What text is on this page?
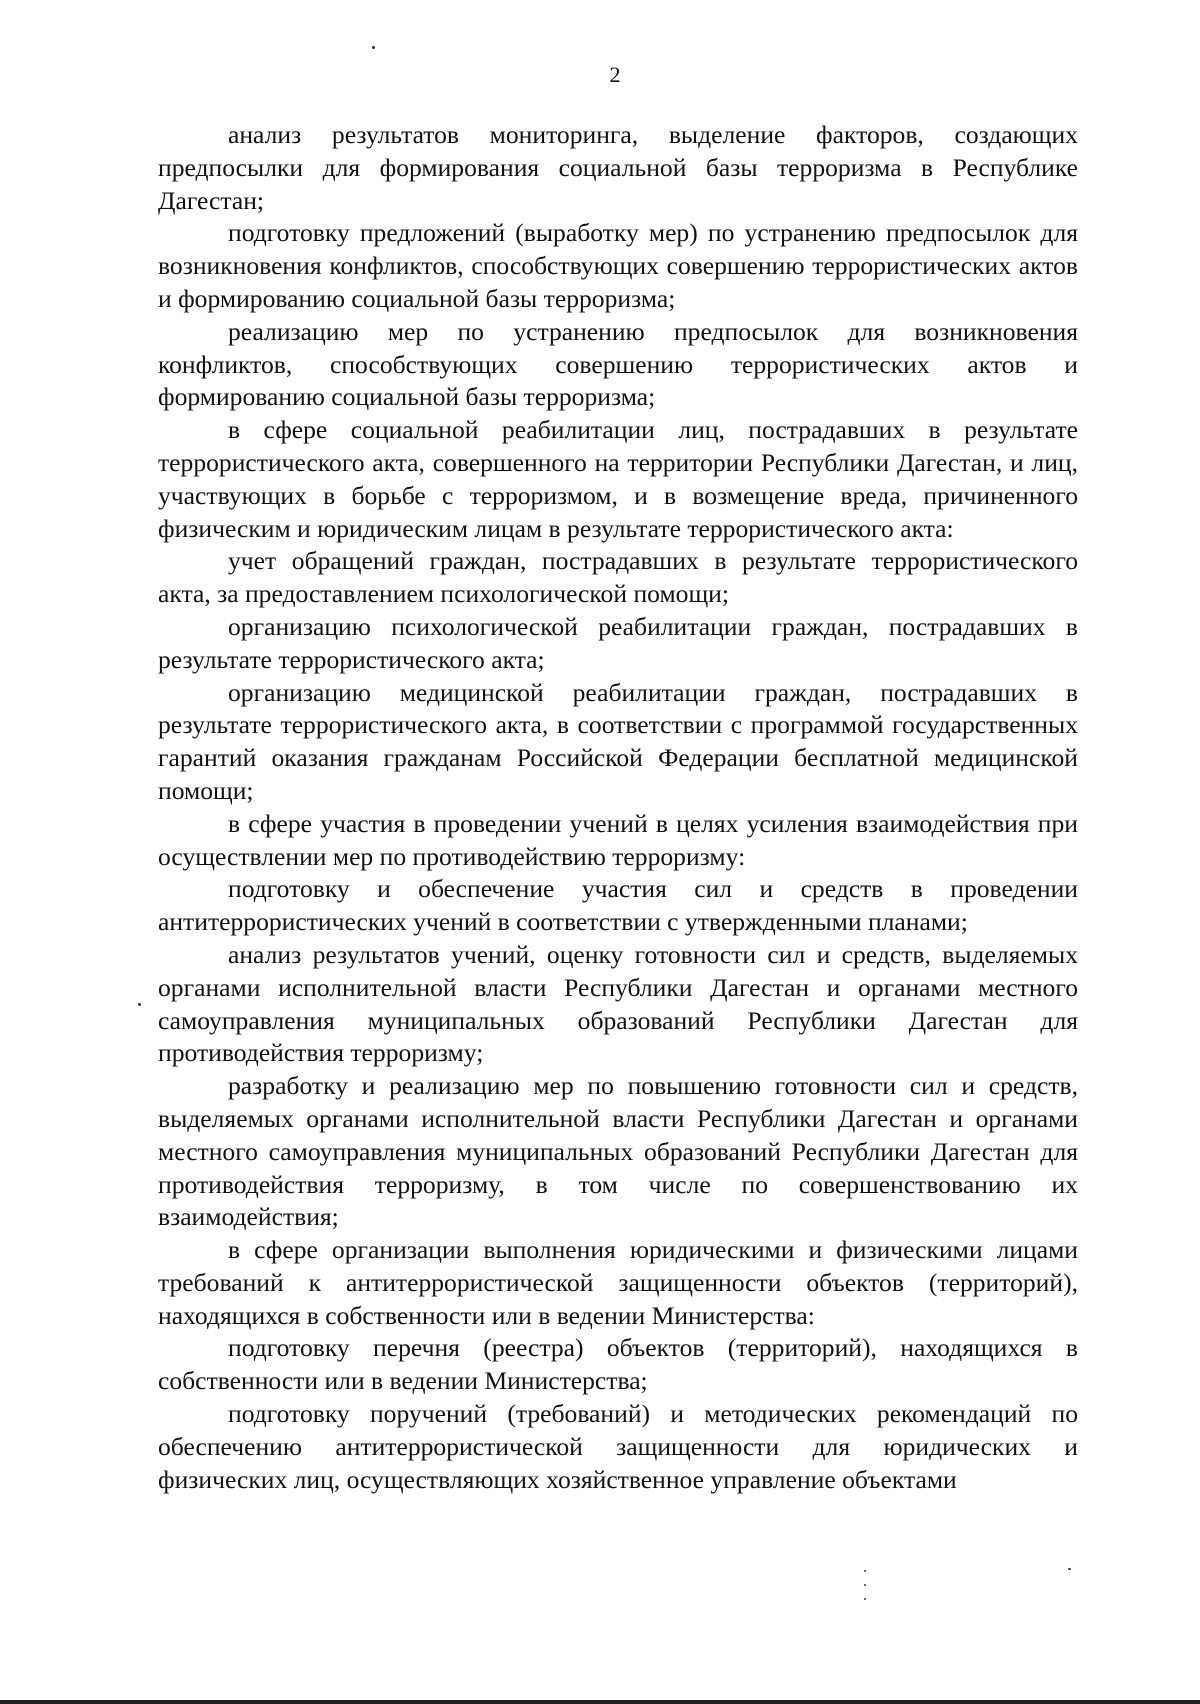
2

анализ результатов мониторинга, выделение факторов, создающих предпосылки для формирования социальной базы терроризма в Республике Дагестан;

подготовку предложений (выработку мер) по устранению предпосылок для возникновения конфликтов, способствующих совершению террористических актов и формированию социальной базы терроризма;

реализацию мер по устранению предпосылок для возникновения конфликтов, способствующих совершению террористических актов и формированию социальной базы терроризма;

в сфере социальной реабилитации лиц, пострадавших в результате террористического акта, совершенного на территории Республики Дагестан, и лиц, участвующих в борьбе с терроризмом, и в возмещение вреда, причиненного физическим и юридическим лицам в результате террористического акта:

учет обращений граждан, пострадавших в результате террористического акта, за предоставлением психологической помощи;

организацию психологической реабилитации граждан, пострадавших в результате террористического акта;

организацию медицинской реабилитации граждан, пострадавших в результате террористического акта, в соответствии с программой государственных гарантий оказания гражданам Российской Федерации бесплатной медицинской помощи;

в сфере участия в проведении учений в целях усиления взаимодействия при осуществлении мер по противодействию терроризму:

подготовку и обеспечение участия сил и средств в проведении антитеррористических учений в соответствии с утвержденными планами;

анализ результатов учений, оценку готовности сил и средств, выделяемых органами исполнительной власти Республики Дагестан и органами местного самоуправления муниципальных образований Республики Дагестан для противодействия терроризму;

разработку и реализацию мер по повышению готовности сил и средств, выделяемых органами исполнительной власти Республики Дагестан и органами местного самоуправления муниципальных образований Республики Дагестан для противодействия терроризму, в том числе по совершенствованию их взаимодействия;

в сфере организации выполнения юридическими и физическими лицами требований к антитеррористической защищенности объектов (территорий), находящихся в собственности или в ведении Министерства:

подготовку перечня (реестра) объектов (территорий), находящихся в собственности или в ведении Министерства;

подготовку поручений (требований) и методических рекомендаций по обеспечению антитеррористической защищенности для юридических и физических лиц, осуществляющих хозяйственное управление объектами
